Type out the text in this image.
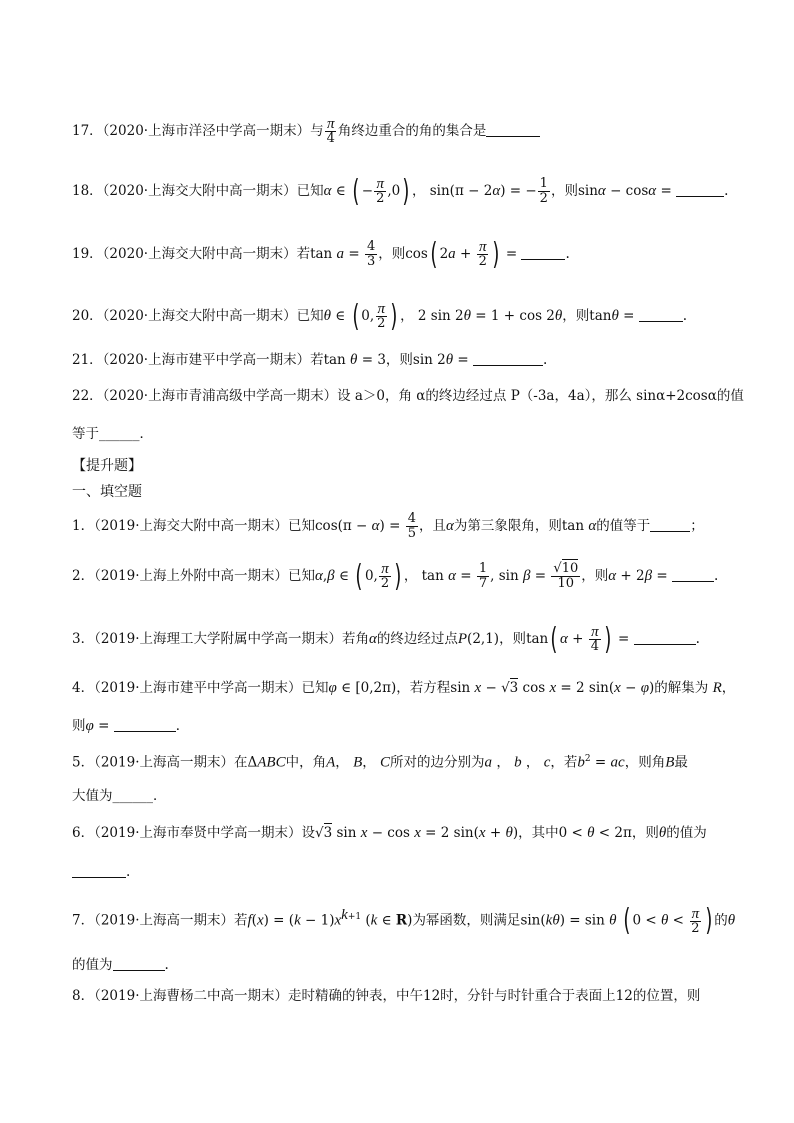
17．（2020·上海市洋泾中学高一期末）与 $\frac{\pi}{4}$ 角终边重合的角的集合是
18．（2020·上海交大附中高一期末）已知α ∈ ( − $\frac{\pi}{2} ,0$) ， sin(π − 2α) = − $\frac{1}{2}$ ，则sinα − cosα =	.
19．（2020·上海交大附中高一期末）若$\tan a = \frac{4}{3}$ ，则cos( $2a + \frac{\pi}{2}$ ) =	.
20．（2020·上海交大附中高一期末）已知θ ∈ ( 0, $\frac{\pi}{2}$ ) ， 2 sin 2θ = 1 + cos 2θ，则tanθ =	.
21．（2020·上海市建平中学高一期末）若tan θ = 3，则sin 2θ =	.
22．（2020·上海市青浦高级中学高一期末）设 a＞0，角 α的终边经过点 P（-3a，4a），那么 sinα+2cosα的值
等于______．
【提升题】
一、填空题
1．（2019·上海交大附中高一期末）已知$\cos(\pi - \alpha) = \frac{4}{5}$ ，且α为第三象限角，则tan α的值等于	；
2．（2019·上海上外附中高一期末）已知α,β ∈ ( 0, $\frac{\pi}{2}$ ) ， $\tan \alpha = \frac{1}{7}$ , $\sin \beta = \frac{√10}{10}$ ，则α + 2β =	.
3．（2019·上海理工大学附属中学高一期末）若角α的终边经过点P(2,1)，则tan( $\alpha + \frac{\pi}{4}$ ) =	.
4．（2019·上海市建平中学高一期末）已知φ ∈ [0,2π)，若方程sin x − √3 cos x = 2 sin(x − φ)的解集为 R，
则φ =	．
5．（2019·上海高一期末）在ΔABC中，角A， B， C所对的边分别为a ， b ， c，若$b^2$ = ac，则角B最
大值为______．
6．（2019·上海市奉贤中学高一期末）设√3 sin x − cos x = 2 sin(x + θ)，其中0 < θ < 2π，则θ的值为
.
7．（2019·上海高一期末）若$f(x) = (k - 1)x^{k+1}$ (k ∈ R)为幂函数，则满足sin(kθ) = sin θ ( $0 < \theta < \frac{\pi}{2}$ ) 的θ
的值为	.
8．（2019·上海曹杨二中高一期末）走时精确的钟表，中午12时，分针与时针重合于表面上12的位置，则
